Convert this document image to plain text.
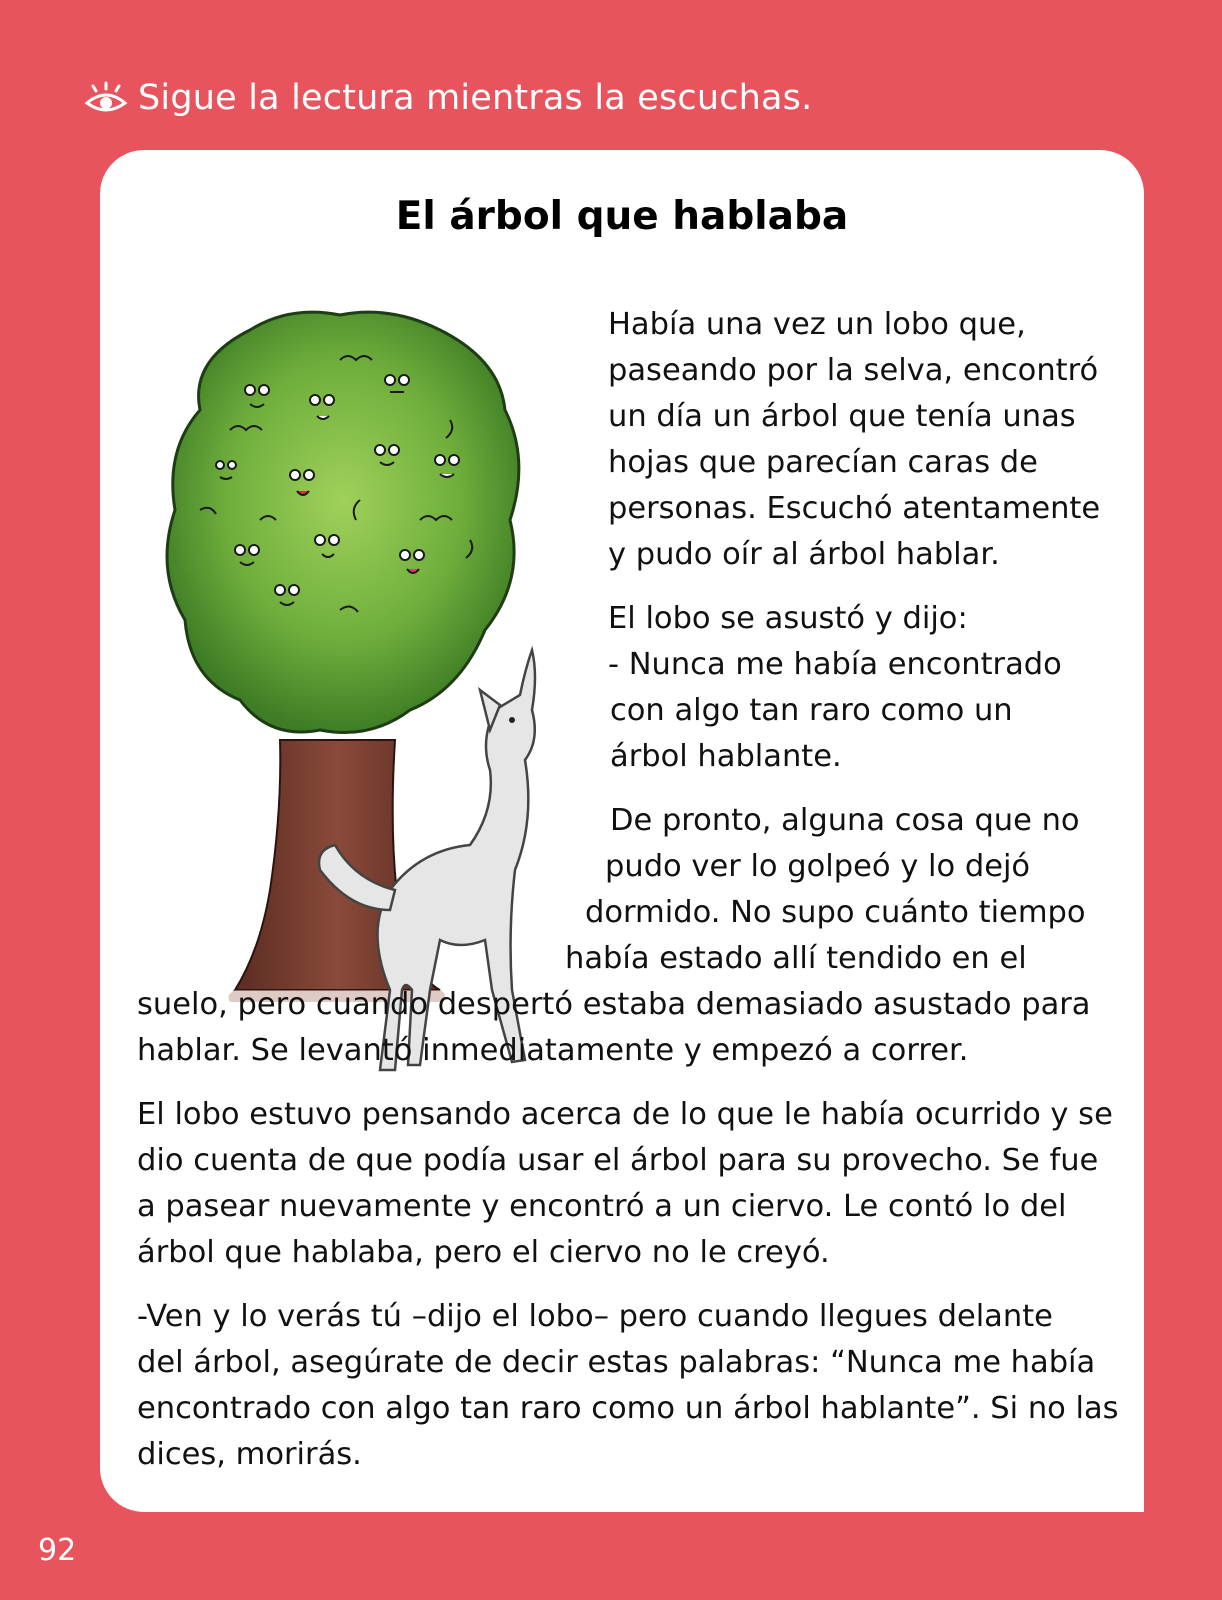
Sigue la lectura mientras la escuchas.
El árbol que hablaba
Había una vez un lobo que,
paseando por la selva, encontró
un día un árbol que tenía unas
hojas que parecían caras de
personas. Escuchó atentamente
y pudo oír al árbol hablar.
El lobo se asustó y dijo:
- Nunca me había encontrado
con algo tan raro como un
árbol hablante.
De pronto, alguna cosa que no
pudo ver lo golpeó y lo dejó
dormido. No supo cuánto tiempo
había estado allí tendido en el
suelo, pero cuando despertó estaba demasiado asustado para
hablar. Se levantó inmediatamente y empezó a correr.
El lobo estuvo pensando acerca de lo que le había ocurrido y se
dio cuenta de que podía usar el árbol para su provecho. Se fue
a pasear nuevamente y encontró a un ciervo. Le contó lo del
árbol que hablaba, pero el ciervo no le creyó.
-Ven y lo verás tú –dijo el lobo– pero cuando llegues delante
del árbol, asegúrate de decir estas palabras: “Nunca me había
encontrado con algo tan raro como un árbol hablante”. Si no las
dices, morirás.
92
